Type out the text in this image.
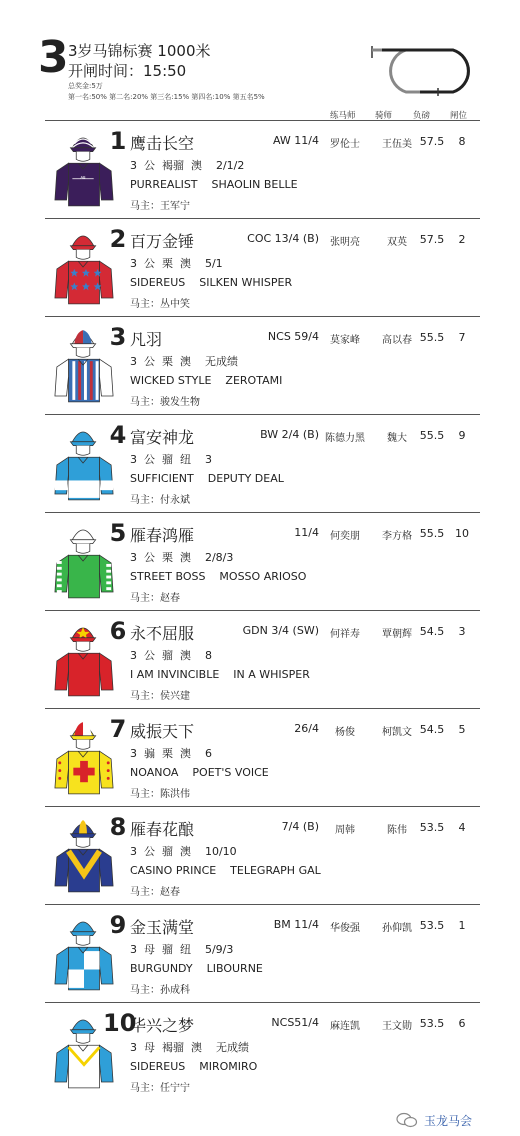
3 3岁马锦标赛 1000米
开闸时间：15:50
总奖金:5万
第一名:50% 第二名:20% 第三名:15% 第四名:10% 第五名5%
练马师 骑师 负磅 闸位
ᴬᴮ
1 鹰击长空	AW 11/4	罗伦士	王伍美 57.5	8
3  公  褐骝  澳    2/1/2
PURREALIST    SHAOLIN BELLE
马主：王军宁
2 百万金锤	COC 13/4 (B)	张明亮	双英	57.5	2
3  公  栗  澳    5/1
SIDEREUS    SILKEN WHISPER
马主：丛中笑
3 凡羽	NCS 59/4	莫家峰	高以春 55.5	7
3  公  栗  澳    无成绩
WICKED STYLE    ZEROTAMI
马主：骏发生物
4 富安神龙	BW 2/4 (B) 陈德力黑	魏大	55.5	9
3  公  骝  纽    3
SUFFICIENT    DEPUTY DEAL
马主：付永斌
5 雁春鸿雁	11/4	何奕朋	李方格 55.5 10
3  公  栗  澳    2/8/3
STREET BOSS    MOSSO ARIOSO
马主：赵春
6 永不屈服	GDN 3/4 (SW)	何祥寿	覃朝辉 54.5	3
3  公  骝  澳    8
I AM INVINCIBLE    IN A WHISPER
马主：侯兴建
7 威振天下	26/4	杨俊	柯凯文 54.5	5
3  骟  栗  澳    6
NOANOA    POET'S VOICE
马主：陈洪伟
8 雁春花酿	7/4 (B)	周韩	陈伟	53.5	4
3  公  骝  澳    10/10
CASINO PRINCE    TELEGRAPH GAL
马主：赵春
9 金玉满堂	BM 11/4	华俊强	孙仰凯 53.5	1
3  母  骝  纽    5/9/3
BURGUNDY    LIBOURNE
马主：孙成科
10
华兴之梦	NCS51/4	麻连凯	王文勋 53.5	6
3  母  褐骝  澳    无成绩
SIDEREUS    MIROMIRO
马主：任宁宁
玉龙马会
